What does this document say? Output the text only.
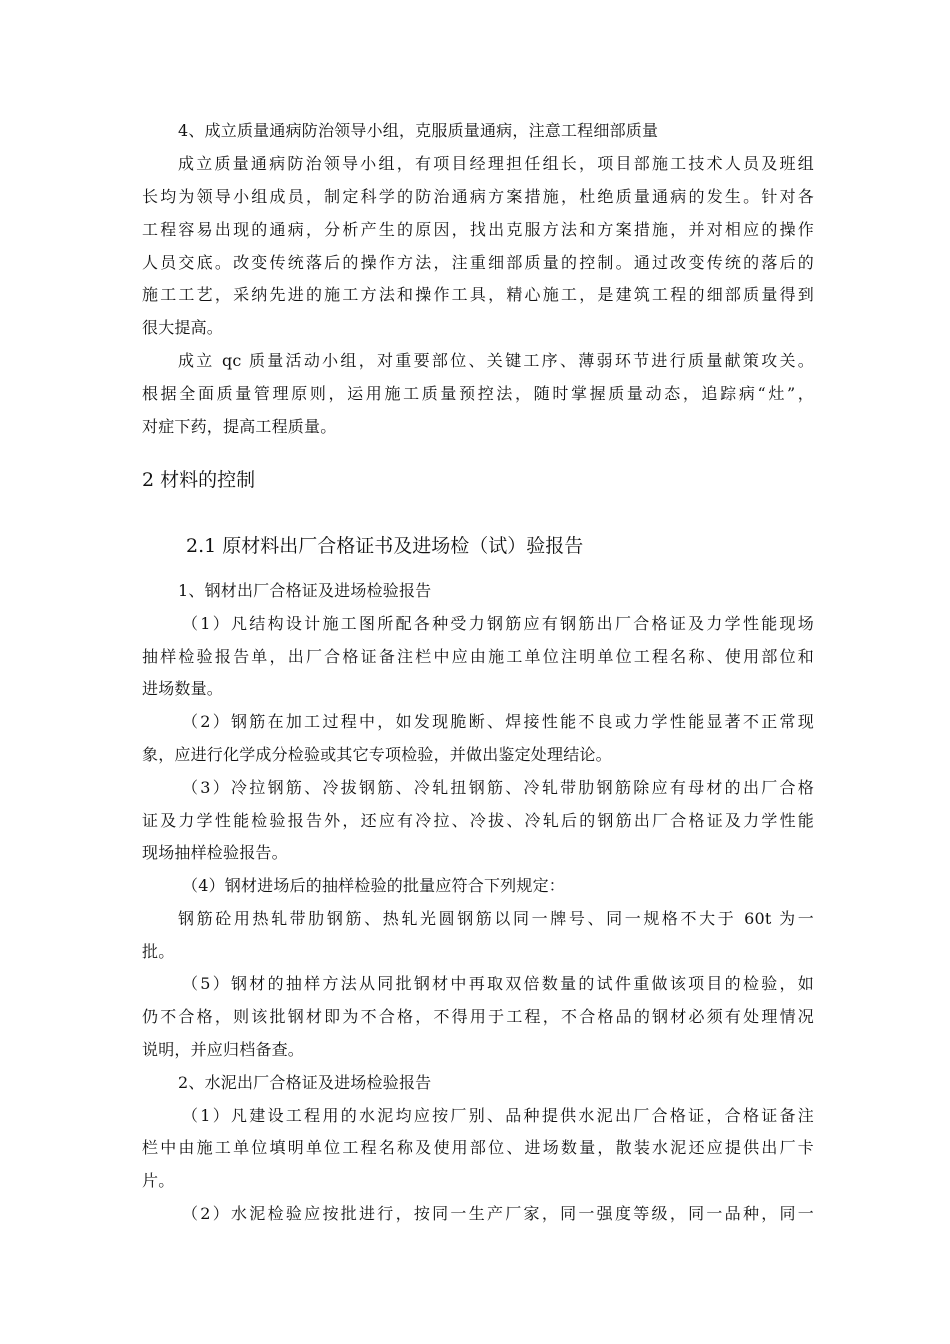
4、成立质量通病防治领导小组，克服质量通病，注意工程细部质量
成立质量通病防治领导小组，有项目经理担任组长，项目部施工技术人员及班组
长均为领导小组成员，制定科学的防治通病方案措施，杜绝质量通病的发生。针对各
工程容易出现的通病，分析产生的原因，找出克服方法和方案措施，并对相应的操作
人员交底。改变传统落后的操作方法，注重细部质量的控制。通过改变传统的落后的
施工工艺，采纳先进的施工方法和操作工具，精心施工，是建筑工程的细部质量得到
很大提高。
成立 qc 质量活动小组，对重要部位、关键工序、薄弱环节进行质量献策攻关。
根据全面质量管理原则，运用施工质量预控法，随时掌握质量动态，追踪病“灶”，
对症下药，提高工程质量。
2 材料的控制
2.1 原材料出厂合格证书及进场检（试）验报告
1、钢材出厂合格证及进场检验报告
（1）凡结构设计施工图所配各种受力钢筋应有钢筋出厂合格证及力学性能现场
抽样检验报告单，出厂合格证备注栏中应由施工单位注明单位工程名称、使用部位和
进场数量。
（2）钢筋在加工过程中，如发现脆断、焊接性能不良或力学性能显著不正常现
象，应进行化学成分检验或其它专项检验，并做出鉴定处理结论。
（3）冷拉钢筋、冷拔钢筋、冷轧扭钢筋、冷轧带肋钢筋除应有母材的出厂合格
证及力学性能检验报告外，还应有冷拉、冷拔、冷轧后的钢筋出厂合格证及力学性能
现场抽样检验报告。
（4）钢材进场后的抽样检验的批量应符合下列规定：
钢筋砼用热轧带肋钢筋、热轧光圆钢筋以同一牌号、同一规格不大于 60t 为一
批。
（5）钢材的抽样方法从同批钢材中再取双倍数量的试件重做该项目的检验，如
仍不合格，则该批钢材即为不合格，不得用于工程，不合格品的钢材必须有处理情况
说明，并应归档备查。
2、水泥出厂合格证及进场检验报告
（1）凡建设工程用的水泥均应按厂别、品种提供水泥出厂合格证，合格证备注
栏中由施工单位填明单位工程名称及使用部位、进场数量，散装水泥还应提供出厂卡
片。
（2）水泥检验应按批进行，按同一生产厂家，同一强度等级，同一品种，同一
